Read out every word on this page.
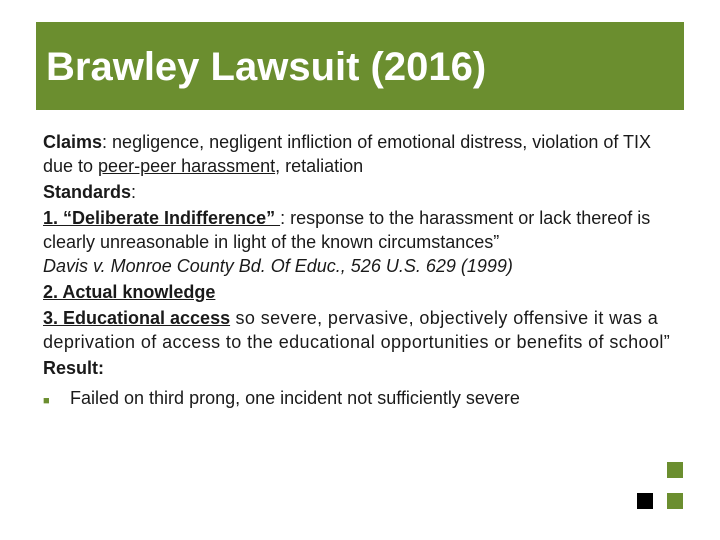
Brawley Lawsuit (2016)

Claims: negligence, negligent infliction of emotional distress, violation of TIX due to peer-peer harassment, retaliation

Standards:

1. “Deliberate Indifference” : response to the harassment or lack thereof is clearly unreasonable in light of the known circumstances”
Davis v. Monroe County Bd. Of Educ., 526 U.S. 629 (1999)

2. Actual knowledge

3. Educational access so severe, pervasive, objectively offensive it was a deprivation of access to the educational opportunities or benefits of school”

Result:

■	Failed on third prong, one incident not sufficiently severe
